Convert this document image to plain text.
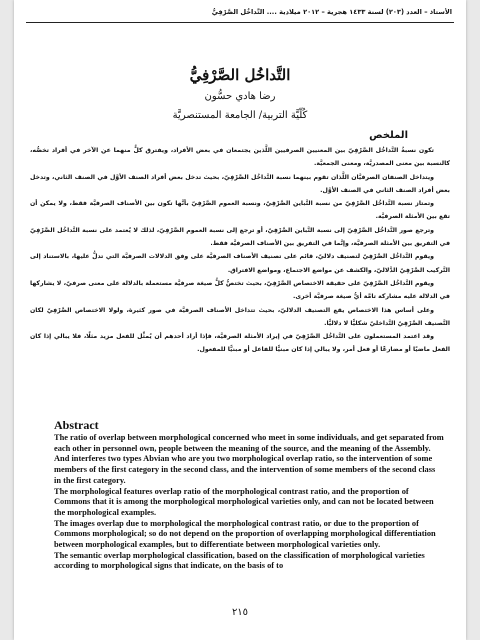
الأستاذ – العدد (٢٠٣) لسنة ١٤٣٣ هجرية – ٢٠١٢ ميلادية .... التَّداخُل الصَّرْفِيُّ
التَّداخُل الصَّرْفِيُّ
رضا هادي حسُّون
كُلّيَّة التربية/ الجامعة المستنصريَّة
الملخص

تكون نسبةُ التَّداخُل الصَّرْفِيّ بين المعنيين الصرفيين اللَّذين يجتمعان في بعض الأفراد، ويفترق كلٌّ منهما عن الآخر في أفراد تخصُّه، كالنسبة بين معنى المصدريَّة، ومعنى الجمعيَّة.

ويتداخل الصنفان الصرفيَّان اللَّذان تقوم بينهما نسبة التَّداخُل الصَّرْفِيّ، بحيث تدخل بعض أفراد الصنف الأوَّل في الصنف الثاني، وتدخل بعض أفراد الصنف الثاني في الصنف الأوَّل.

وتمتاز نسبة التَّداخُل الصَّرْفِيّ من نسبة التَّباين الصَّرْفِيّ، ونسبة العموم الصَّرْفِيّ بأنَّها تكون بين الأصناف الصرفيَّة فقط، ولا يمكن أن تقع بين الأمثلة الصرفيَّة.

وترجع صور التَّداخُل الصَّرْفِيّ إلى نسبة التَّباين الصَّرْفِيّ، أو ترجع إلى نسبة العموم الصَّرْفِيّ، لذلك لا يُعتمد على نسبة التَّداخُل الصَّرْفِيّ في التفريق بين الأمثلة الصرفيَّة، وإنَّما في التفريق بين الأصناف الصرفيَّة فقط.

ويقوم التَّداخُل الصَّرْفِيّ لتصنيف دلاليّ، قائم على تصنيف الأصناف الصرفيَّة على وفق الدلالات الصرفيَّة التي تدلُّ عليها، بالاستناد إلى التَّركيب الصَّرْفِيّ الدَّلاليّ، والكشف عن مواضع الاجتماع، ومواضع الافتراق.

ويقوم التَّداخُل الصَّرْفِيّ على حقيقة الاختصاص الصَّرْفِيّ، بحيث تختصُّ كلُّ صيغة صرفيَّة مستعملة بالدلالة على معنى صرفيّ، لا يشاركها في الدلالة عليه مشاركة تامَّة أيُّ صيغة صرفيَّة أخرى.

وعلى أساس هذا الاختصاص يقع التصنيف الدلاليّ، بحيث تتداخل الأصناف الصرفيَّة في صور كثيرة، ولولا الاختصاص الصَّرْفِيّ لكان التَّصنيف الصَّرْفِيّ التَّداخليّ شكليًّا لا دلاليًّا.

وقد اعتمد المستعملون على التَّداخُل الصَّرْفِيّ في إيراد الأمثلة الصرفيَّة، فإذا أراد أحدهم أن يُمثِّل للفعل مزيد مثلًا، فلا يبالي إذا كان الفعل ماضيًا أو مضارعًا أو فعل أمر، ولا يبالي إذا كان مبنيًّا للفاعل أو مبنيًّا للمفعول.

Abstract

The ratio of overlap between morphological concerned who meet in some individuals, and get separated from each other in personnel own, people between the meaning of the source, and the meaning of the Assembly.

And interferes two types Abvian who are you two morphological overlap ratio, so the intervention of some members of the first category in the second class, and the intervention of some members of the second class in the first category.

The morphological features overlap ratio of the morphological contrast ratio, and the proportion of Commons that it is among the morphological morphological varieties only, and can not be located between the morphological examples.

The images overlap due to morphological the morphological contrast ratio, or due to the proportion of Commons morphological; so do not depend on the proportion of overlapping morphological differentiation between morphological examples, but to differentiate between morphological varieties only.

The semantic overlap morphological classification, based on the classification of morphological varieties according to morphological signs that indicate, on the basis of to

٢١٥
